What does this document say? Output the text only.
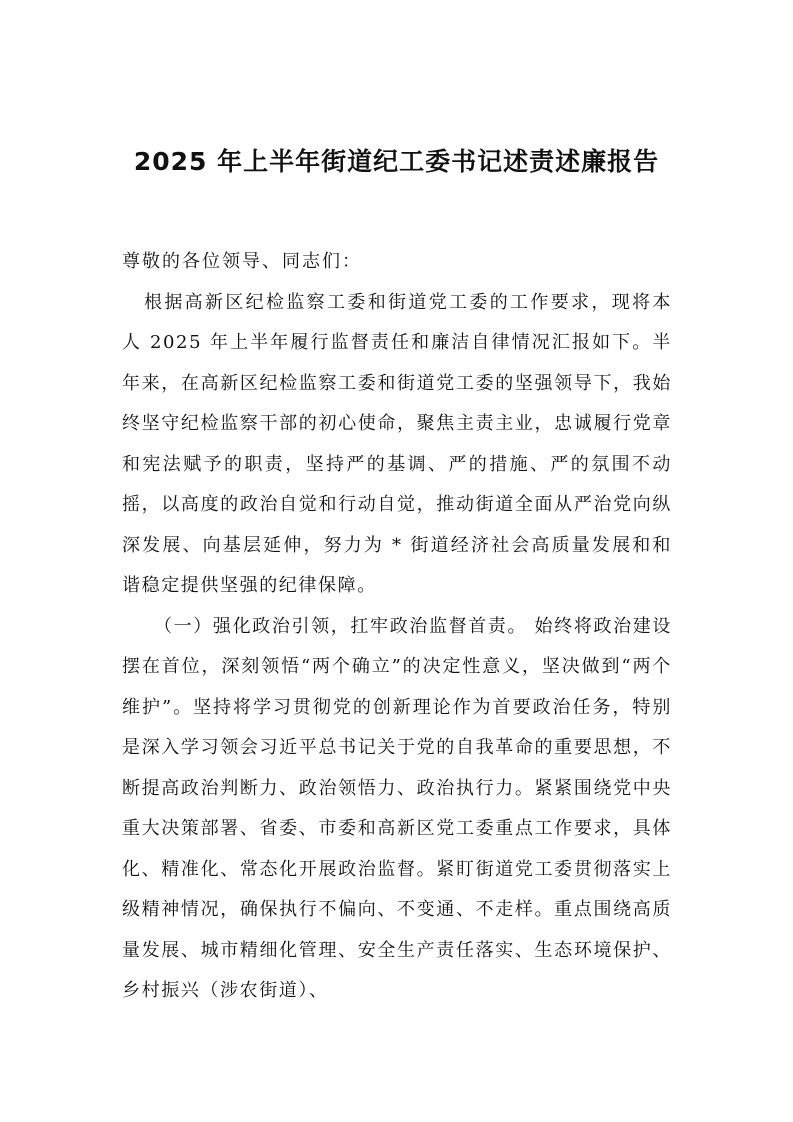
2025 年上半年街道纪工委书记述责述廉报告

尊敬的各位领导、同志们：

根据高新区纪检监察工委和街道党工委的工作要求，现将本人 2025 年上半年履行监督责任和廉洁自律情况汇报如下。半年来，在高新区纪检监察工委和街道党工委的坚强领导下，我始终坚守纪检监察干部的初心使命，聚焦主责主业，忠诚履行党章和宪法赋予的职责，坚持严的基调、严的措施、严的氛围不动摇，以高度的政治自觉和行动自觉，推动街道全面从严治党向纵深发展、向基层延伸，努力为 * 街道经济社会高质量发展和和谐稳定提供坚强的纪律保障。

（一）强化政治引领，扛牢政治监督首责。 始终将政治建设摆在首位，深刻领悟“两个确立”的决定性意义，坚决做到“两个维护”。坚持将学习贯彻党的创新理论作为首要政治任务，特别是深入学习领会习近平总书记关于党的自我革命的重要思想，不断提高政治判断力、政治领悟力、政治执行力。紧紧围绕党中央重大决策部署、省委、市委和高新区党工委重点工作要求，具体化、精准化、常态化开展政治监督。紧盯街道党工委贯彻落实上级精神情况，确保执行不偏向、不变通、不走样。重点围绕高质量发展、城市精细化管理、安全生产责任落实、生态环境保护、乡村振兴（涉农街道）、
